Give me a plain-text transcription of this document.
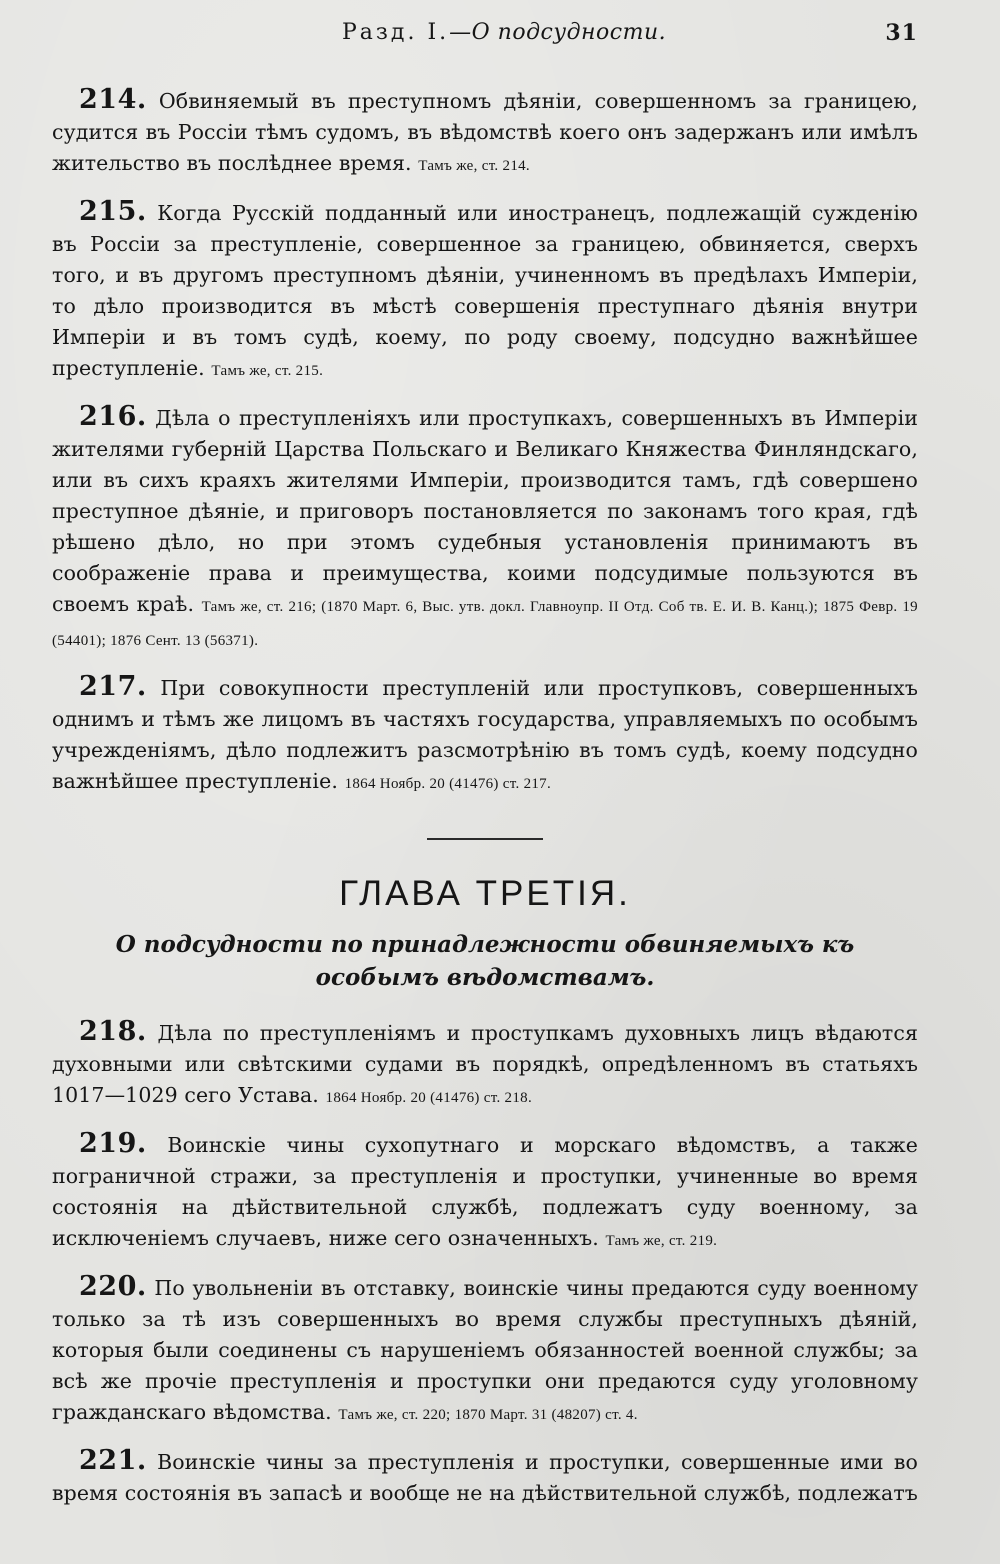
Разд. I.—О подсудности.	31

214. Обвиняемый въ преступномъ дѣяніи, совершенномъ за границею, судится въ Россіи тѣмъ судомъ, въ вѣдомствѣ коего онъ задержанъ или имѣлъ жительство въ послѣднее время. Тамъ же, ст. 214.

215. Когда Русскій подданный или иностранецъ, подлежащій сужденію въ Россіи за преступленіе, совершенное за границею, обвиняется, сверхъ того, и въ другомъ преступномъ дѣяніи, учиненномъ въ предѣлахъ Имперіи, то дѣло производится въ мѣстѣ совершенія преступнаго дѣянія внутри Имперіи и въ томъ судѣ, коему, по роду своему, подсудно важнѣйшее преступленіе. Тамъ же, ст. 215.

216. Дѣла о преступленіяхъ или проступкахъ, совершенныхъ въ Имперіи жителями губерній Царства Польскаго и Великаго Княжества Финляндскаго, или въ сихъ краяхъ жителями Имперіи, производится тамъ, гдѣ совершено преступное дѣяніе, и приговоръ постановляется по законамъ того края, гдѣ рѣшено дѣло, но при этомъ судебныя установленія принимаютъ въ соображеніе права и преимущества, коими подсудимые пользуются въ своемъ краѣ. Тамъ же, ст. 216; (1870 Март. 6, Выс. утв. докл. Главноупр. II Отд. Соб тв. Е. И. В. Канц.); 1875 Февр. 19 (54401); 1876 Сент. 13 (56371).

217. При совокупности преступленій или проступковъ, совершенныхъ однимъ и тѣмъ же лицомъ въ частяхъ государства, управляемыхъ по особымъ учрежденіямъ, дѣло подлежитъ разсмотрѣнію въ томъ судѣ, коему подсудно важнѣйшее преступленіе. 1864 Ноябр. 20 (41476) ст. 217.

ГЛАВА ТРЕТІЯ.
О подсудности по принадлежности обвиняемыхъ къ особымъ вѣдомствамъ.

218. Дѣла по преступленіямъ и проступкамъ духовныхъ лицъ вѣдаются духовными или свѣтскими судами въ порядкѣ, опредѣленномъ въ статьяхъ 1017—1029 сего Устава. 1864 Ноябр. 20 (41476) ст. 218.

219. Воинскіе чины сухопутнаго и морскаго вѣдомствъ, а также пограничной стражи, за преступленія и проступки, учиненные во время состоянія на дѣйствительной службѣ, подлежатъ суду военному, за исключеніемъ случаевъ, ниже сего означенныхъ. Тамъ же, ст. 219.

220. По увольненіи въ отставку, воинскіе чины предаются суду военному только за тѣ изъ совершенныхъ во время службы преступныхъ дѣяній, которыя были соединены съ нарушеніемъ обязанностей военной службы; за всѣ же прочіе преступленія и проступки они предаются суду уголовному гражданскаго вѣдомства. Тамъ же, ст. 220; 1870 Март. 31 (48207) ст. 4.

221. Воинскіе чины за преступленія и проступки, совершенные ими во время состоянія въ запасѣ и вообще не на дѣйствительной службѣ, подлежатъ
